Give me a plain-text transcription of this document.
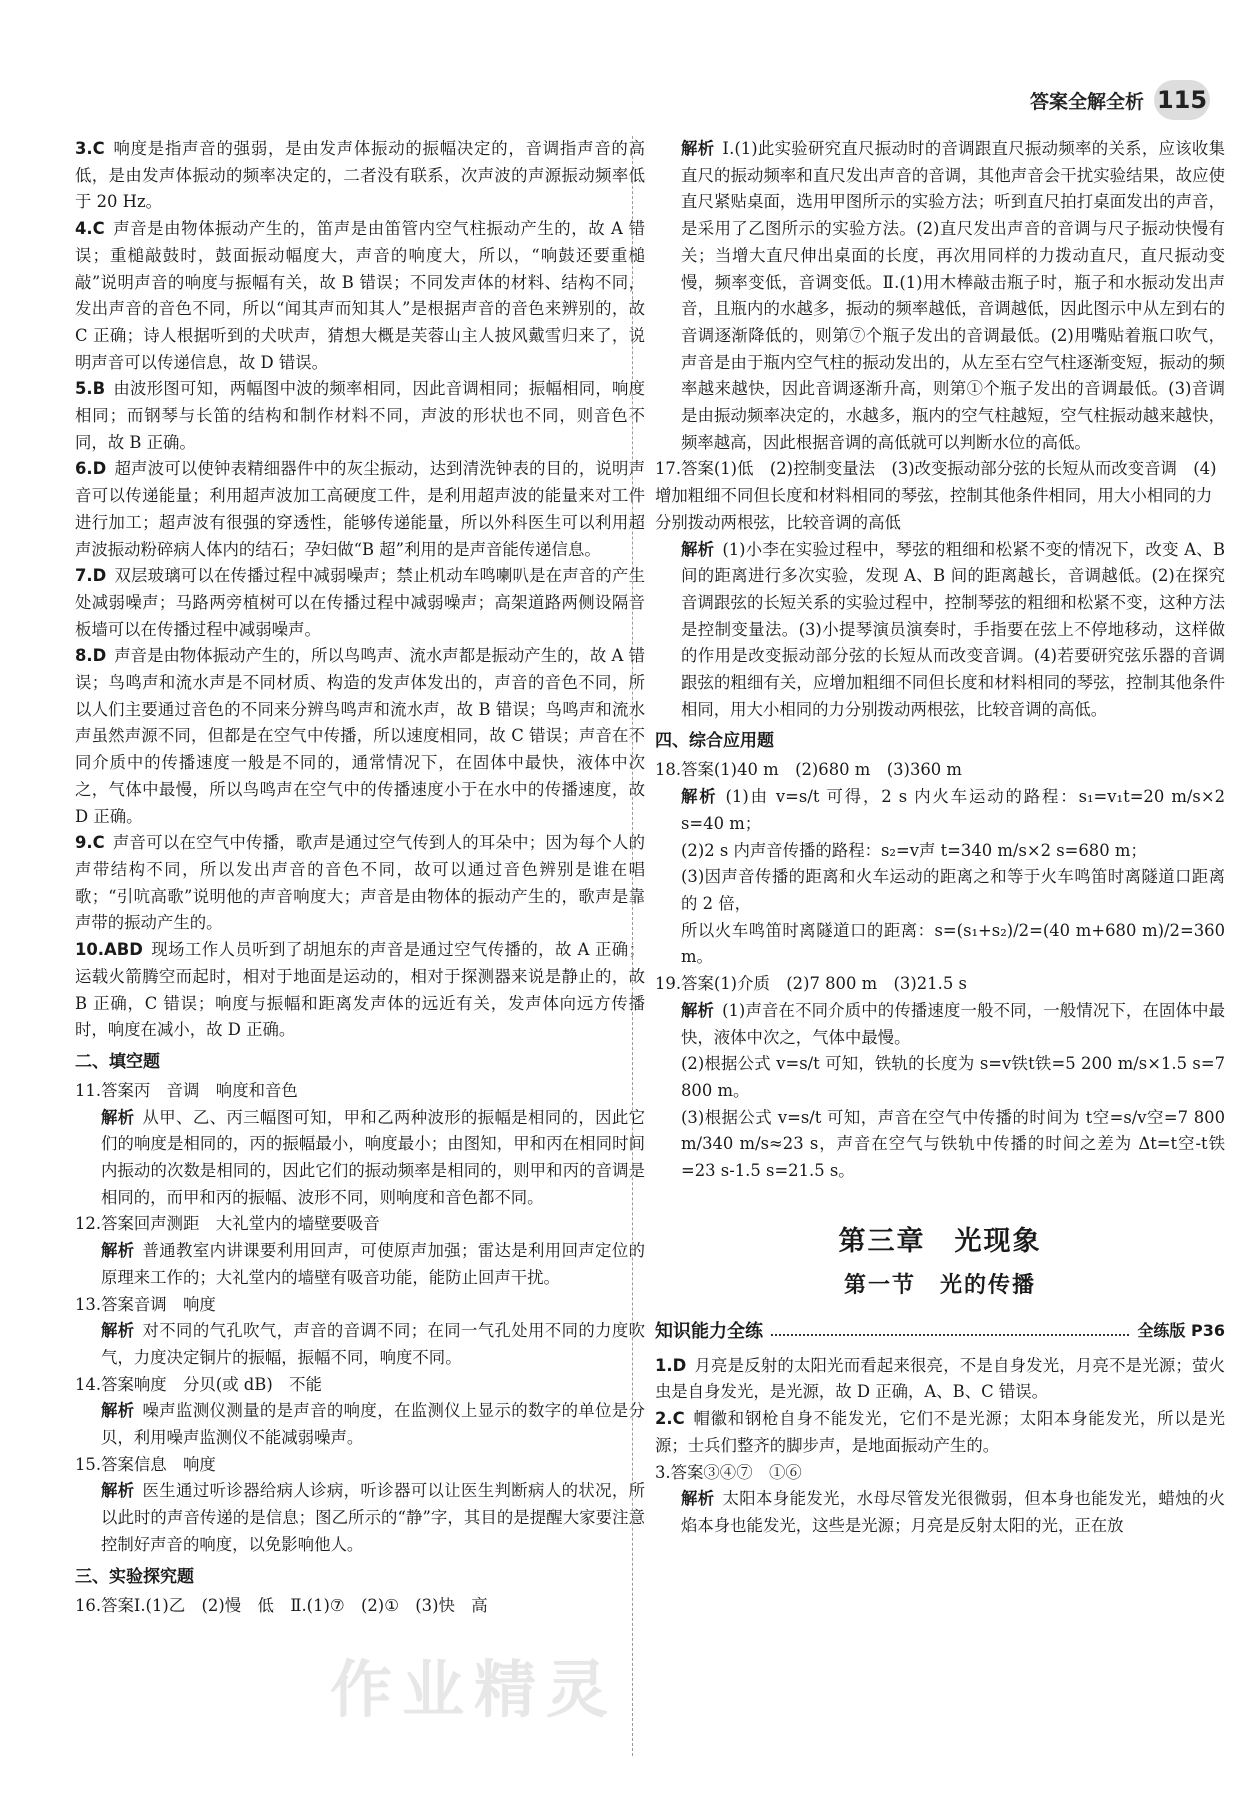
答案全解全析 115

3.C 响度是指声音的强弱，是由发声体振动的振幅决定的，音调指声音的高低，是由发声体振动的频率决定的，二者没有联系，次声波的声源振动频率低于 20 Hz。

4.C 声音是由物体振动产生的，笛声是由笛管内空气柱振动产生的，故 A 错误；重槌敲鼓时，鼓面振动幅度大，声音的响度大，所以，“响鼓还要重槌敲”说明声音的响度与振幅有关，故 B 错误；不同发声体的材料、结构不同，发出声音的音色不同，所以“闻其声而知其人”是根据声音的音色来辨别的，故 C 正确；诗人根据听到的犬吠声，猜想大概是芙蓉山主人披风戴雪归来了，说明声音可以传递信息，故 D 错误。

5.B 由波形图可知，两幅图中波的频率相同，因此音调相同；振幅相同，响度相同；而钢琴与长笛的结构和制作材料不同，声波的形状也不同，则音色不同，故 B 正确。

6.D 超声波可以使钟表精细器件中的灰尘振动，达到清洗钟表的目的，说明声音可以传递能量；利用超声波加工高硬度工件，是利用超声波的能量来对工件进行加工；超声波有很强的穿透性，能够传递能量，所以外科医生可以利用超声波振动粉碎病人体内的结石；孕妇做“B 超”利用的是声音能传递信息。

7.D 双层玻璃可以在传播过程中减弱噪声；禁止机动车鸣喇叭是在声音的产生处减弱噪声；马路两旁植树可以在传播过程中减弱噪声；高架道路两侧设隔音板墙可以在传播过程中减弱噪声。

8.D 声音是由物体振动产生的，所以鸟鸣声、流水声都是振动产生的，故 A 错误；鸟鸣声和流水声是不同材质、构造的发声体发出的，声音的音色不同，所以人们主要通过音色的不同来分辨鸟鸣声和流水声，故 B 错误；鸟鸣声和流水声虽然声源不同，但都是在空气中传播，所以速度相同，故 C 错误；声音在不同介质中的传播速度一般是不同的，通常情况下，在固体中最快，液体中次之，气体中最慢，所以鸟鸣声在空气中的传播速度小于在水中的传播速度，故 D 正确。

9.C 声音可以在空气中传播，歌声是通过空气传到人的耳朵中；因为每个人的声带结构不同，所以发出声音的音色不同，故可以通过音色辨别是谁在唱歌；“引吭高歌”说明他的声音响度大；声音是由物体的振动产生的，歌声是靠声带的振动产生的。

10.ABD 现场工作人员听到了胡旭东的声音是通过空气传播的，故 A 正确；运载火箭腾空而起时，相对于地面是运动的，相对于探测器来说是静止的，故 B 正确，C 错误；响度与振幅和距离发声体的远近有关，发声体向远方传播时，响度在减小，故 D 正确。

二、填空题

11.答案丙　音调　响度和音色

解析 从甲、乙、丙三幅图可知，甲和乙两种波形的振幅是相同的，因此它们的响度是相同的，丙的振幅最小，响度最小；由图知，甲和丙在相同时间内振动的次数是相同的，因此它们的振动频率是相同的，则甲和丙的音调是相同的，而甲和丙的振幅、波形不同，则响度和音色都不同。

12.答案回声测距　大礼堂内的墙壁要吸音

解析 普通教室内讲课要利用回声，可使原声加强；雷达是利用回声定位的原理来工作的；大礼堂内的墙壁有吸音功能，能防止回声干扰。

13.答案音调　响度

解析 对不同的气孔吹气，声音的音调不同；在同一气孔处用不同的力度吹气，力度决定铜片的振幅，振幅不同，响度不同。

14.答案响度　分贝(或 dB)　不能

解析 噪声监测仪测量的是声音的响度，在监测仪上显示的数字的单位是分贝，利用噪声监测仪不能减弱噪声。

15.答案信息　响度

解析 医生通过听诊器给病人诊病，听诊器可以让医生判断病人的状况，所以此时的声音传递的是信息；图乙所示的“静”字，其目的是提醒大家要注意控制好声音的响度，以免影响他人。

三、实验探究题

16.答案Ⅰ.(1)乙　(2)慢　低　Ⅱ.(1)⑦　(2)①　(3)快　高

解析 Ⅰ.(1)此实验研究直尺振动时的音调跟直尺振动频率的关系，应该收集直尺的振动频率和直尺发出声音的音调，其他声音会干扰实验结果，故应使直尺紧贴桌面，选用甲图所示的实验方法；听到直尺拍打桌面发出的声音，是采用了乙图所示的实验方法。(2)直尺发出声音的音调与尺子振动快慢有关；当增大直尺伸出桌面的长度，再次用同样的力拨动直尺，直尺振动变慢，频率变低，音调变低。Ⅱ.(1)用木棒敲击瓶子时，瓶子和水振动发出声音，且瓶内的水越多，振动的频率越低，音调越低，因此图示中从左到右的音调逐渐降低的，则第⑦个瓶子发出的音调最低。(2)用嘴贴着瓶口吹气，声音是由于瓶内空气柱的振动发出的，从左至右空气柱逐渐变短，振动的频率越来越快，因此音调逐渐升高，则第①个瓶子发出的音调最低。(3)音调是由振动频率决定的，水越多，瓶内的空气柱越短，空气柱振动越来越快，频率越高，因此根据音调的高低就可以判断水位的高低。

17.答案(1)低　(2)控制变量法　(3)改变振动部分弦的长短从而改变音调　(4)增加粗细不同但长度和材料相同的琴弦，控制其他条件相同，用大小相同的力分别拨动两根弦，比较音调的高低

解析 (1)小李在实验过程中，琴弦的粗细和松紧不变的情况下，改变 A、B 间的距离进行多次实验，发现 A、B 间的距离越长，音调越低。(2)在探究音调跟弦的长短关系的实验过程中，控制琴弦的粗细和松紧不变，这种方法是控制变量法。(3)小提琴演员演奏时，手指要在弦上不停地移动，这样做的作用是改变振动部分弦的长短从而改变音调。(4)若要研究弦乐器的音调跟弦的粗细有关，应增加粗细不同但长度和材料相同的琴弦，控制其他条件相同，用大小相同的力分别拨动两根弦，比较音调的高低。

四、综合应用题

18.答案(1)40 m　(2)680 m　(3)360 m

解析 (1)由 v=s/t 可得，2 s 内火车运动的路程：s₁=v₁t=20 m/s×2 s=40 m；

(2)2 s 内声音传播的路程：s₂=v声 t=340 m/s×2 s=680 m；

(3)因声音传播的距离和火车运动的距离之和等于火车鸣笛时离隧道口距离的 2 倍，

所以火车鸣笛时离隧道口的距离：s=(s₁+s₂)/2=(40 m+680 m)/2=360 m。

19.答案(1)介质　(2)7 800 m　(3)21.5 s

解析 (1)声音在不同介质中的传播速度一般不同，一般情况下，在固体中最快，液体中次之，气体中最慢。

(2)根据公式 v=s/t 可知，铁轨的长度为 s=v铁t铁=5 200 m/s×1.5 s=7 800 m。

(3)根据公式 v=s/t 可知，声音在空气中传播的时间为 t空=s/v空=7 800 m/340 m/s≈23 s，声音在空气与铁轨中传播的时间之差为 Δt=t空-t铁=23 s-1.5 s=21.5 s。

第三章　光现象
第一节　光的传播
知识能力全练	全练版 P36

1.D 月亮是反射的太阳光而看起来很亮，不是自身发光，月亮不是光源；萤火虫是自身发光，是光源，故 D 正确，A、B、C 错误。

2.C 帽徽和钢枪自身不能发光，它们不是光源；太阳本身能发光，所以是光源；士兵们整齐的脚步声，是地面振动产生的。

3.答案③④⑦　①⑥

解析 太阳本身能发光，水母尽管发光很微弱，但本身也能发光，蜡烛的火焰本身也能发光，这些是光源；月亮是反射太阳的光，正在放

作业精灵
